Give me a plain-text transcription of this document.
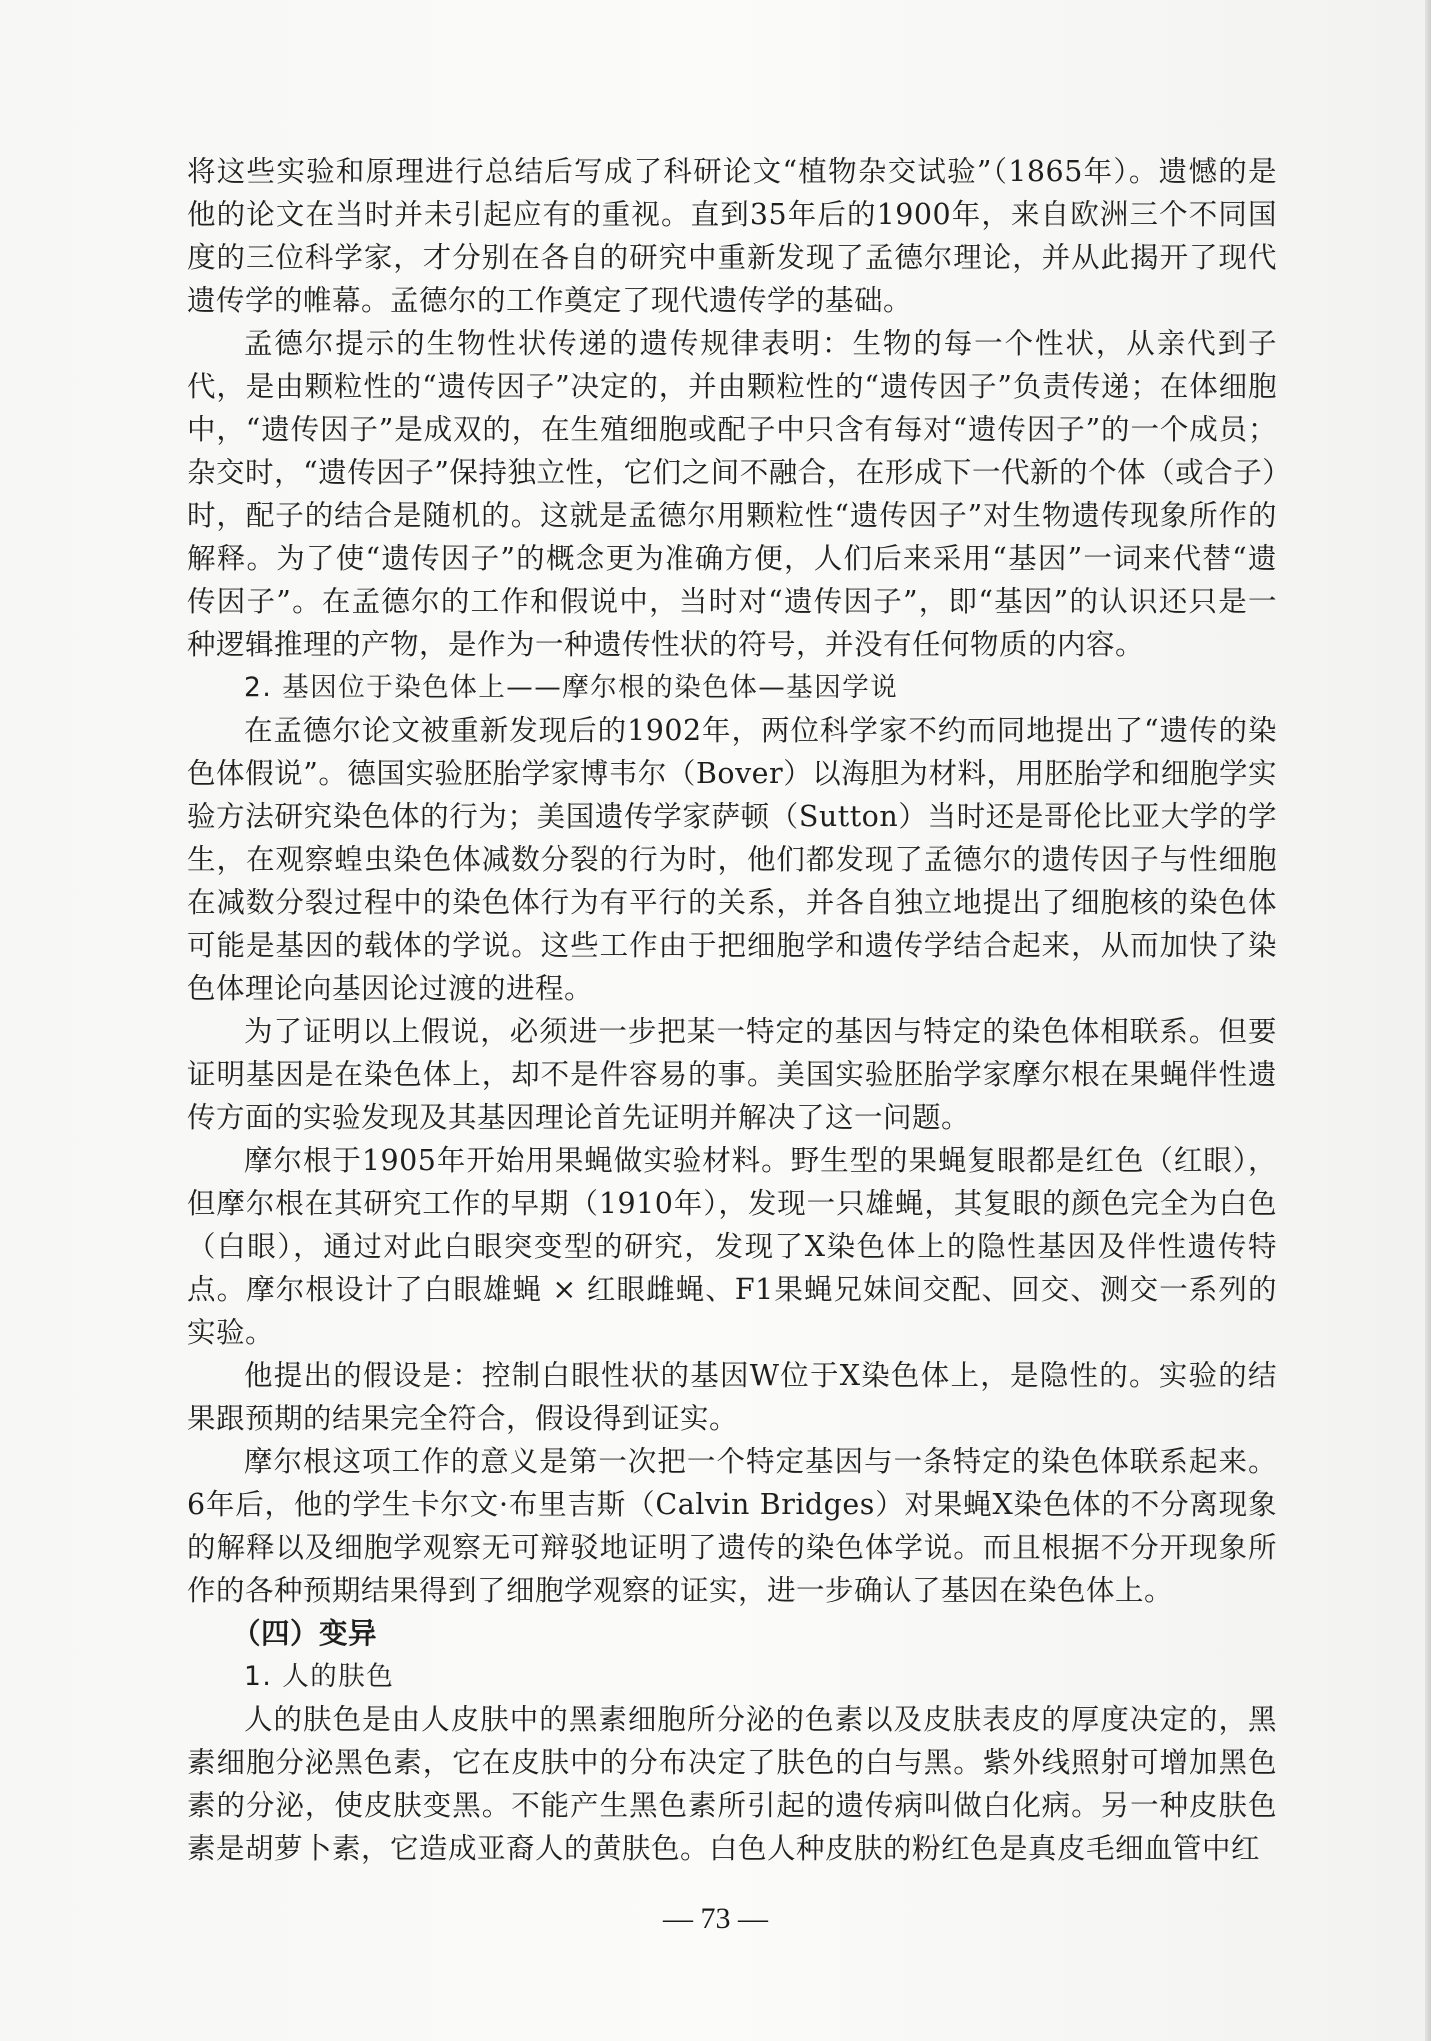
将这些实验和原理进行总结后写成了科研论文“植物杂交试验”（1865年）。遗憾的是他的论文在当时并未引起应有的重视。直到35年后的1900年，来自欧洲三个不同国度的三位科学家，才分别在各自的研究中重新发现了孟德尔理论，并从此揭开了现代遗传学的帷幕。孟德尔的工作奠定了现代遗传学的基础。

孟德尔提示的生物性状传递的遗传规律表明：生物的每一个性状，从亲代到子代，是由颗粒性的“遗传因子”决定的，并由颗粒性的“遗传因子”负责传递；在体细胞中，“遗传因子”是成双的，在生殖细胞或配子中只含有每对“遗传因子”的一个成员；杂交时，“遗传因子”保持独立性，它们之间不融合，在形成下一代新的个体（或合子）时，配子的结合是随机的。这就是孟德尔用颗粒性“遗传因子”对生物遗传现象所作的解释。为了使“遗传因子”的概念更为准确方便，人们后来采用“基因”一词来代替“遗传因子”。在孟德尔的工作和假说中，当时对“遗传因子”，即“基因”的认识还只是一种逻辑推理的产物，是作为一种遗传性状的符号，并没有任何物质的内容。

2. 基因位于染色体上——摩尔根的染色体—基因学说

在孟德尔论文被重新发现后的1902年，两位科学家不约而同地提出了“遗传的染色体假说”。德国实验胚胎学家博韦尔（Bover）以海胆为材料，用胚胎学和细胞学实验方法研究染色体的行为；美国遗传学家萨顿（Sutton）当时还是哥伦比亚大学的学生，在观察蝗虫染色体减数分裂的行为时，他们都发现了孟德尔的遗传因子与性细胞在减数分裂过程中的染色体行为有平行的关系，并各自独立地提出了细胞核的染色体可能是基因的载体的学说。这些工作由于把细胞学和遗传学结合起来，从而加快了染色体理论向基因论过渡的进程。

为了证明以上假说，必须进一步把某一特定的基因与特定的染色体相联系。但要证明基因是在染色体上，却不是件容易的事。美国实验胚胎学家摩尔根在果蝇伴性遗传方面的实验发现及其基因理论首先证明并解决了这一问题。

摩尔根于1905年开始用果蝇做实验材料。野生型的果蝇复眼都是红色（红眼），但摩尔根在其研究工作的早期（1910年），发现一只雄蝇，其复眼的颜色完全为白色（白眼），通过对此白眼突变型的研究，发现了X染色体上的隐性基因及伴性遗传特点。摩尔根设计了白眼雄蝇 × 红眼雌蝇、F1果蝇兄妹间交配、回交、测交一系列的实验。

他提出的假设是：控制白眼性状的基因W位于X染色体上，是隐性的。实验的结果跟预期的结果完全符合，假设得到证实。

摩尔根这项工作的意义是第一次把一个特定基因与一条特定的染色体联系起来。6年后，他的学生卡尔文·布里吉斯（Calvin Bridges）对果蝇X染色体的不分离现象的解释以及细胞学观察无可辩驳地证明了遗传的染色体学说。而且根据不分开现象所作的各种预期结果得到了细胞学观察的证实，进一步确认了基因在染色体上。

（四）变异
1. 人的肤色

人的肤色是由人皮肤中的黑素细胞所分泌的色素以及皮肤表皮的厚度决定的，黑素细胞分泌黑色素，它在皮肤中的分布决定了肤色的白与黑。紫外线照射可增加黑色素的分泌，使皮肤变黑。不能产生黑色素所引起的遗传病叫做白化病。另一种皮肤色素是胡萝卜素，它造成亚裔人的黄肤色。白色人种皮肤的粉红色是真皮毛细血管中红

— 73 —
